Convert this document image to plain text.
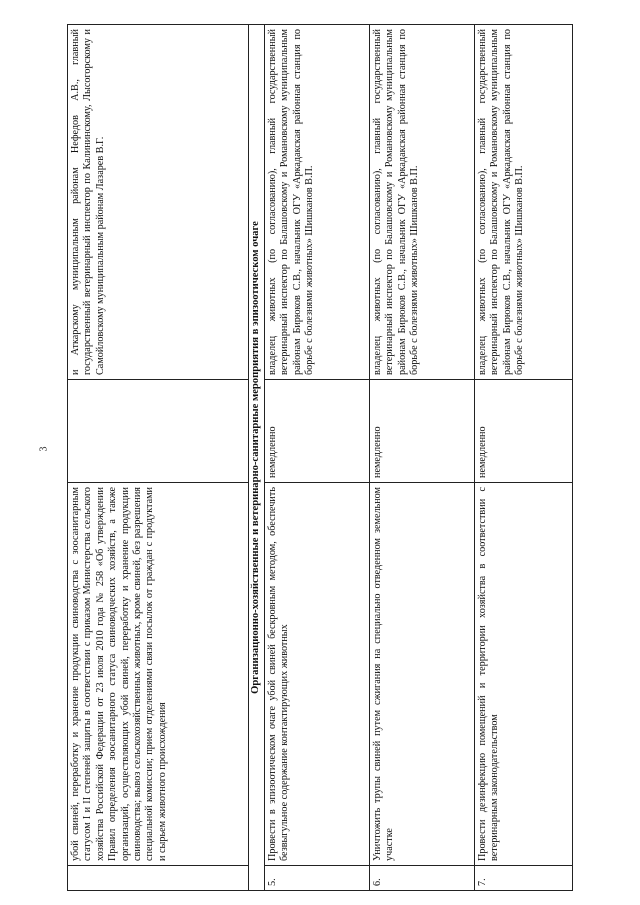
3
	убой свиней, переработку и хранение продукции свиноводства с зоосанитарным статусом I и II степеней защиты в соответствии с приказом Министерства сельского хозяйства Российской Федерации от 23 июля 2010 года № 258 «Об утверждении Правил определения зоосанитарного статуса свиноводческих хозяйств, а также организаций, осуществляющих убой свиней, переработку и хранение продукции свиноводства; вывоз сельскохозяйственных животных, кроме свиней, без разрешения специальной комиссии; прием отделениями связи посылок от граждан с продуктами и сырьем животного происхождения		и Аткарскому муниципальным районам Нефедов А.В., главный государственный ветеринарный инспектор по Калининскому, Лысогорскому и Самойловскому муниципальным районам Лазарев В.Г.
Организационно-хозяйственные и ветеринарно-санитарные мероприятия в эпизоотическом очаге			
5.	Провести в эпизоотическом очаге убой свиней бескровным методом, обеспечить безвыгульное содержание контактирующих животных	немедленно	владелец животных (по согласованию), главный государственный ветеринарный инспектор по Балашовскому и Романовскому муниципальным районам Бирюков С.В., начальник ОГУ «Аркадакская районная станция по борьбе с болезнями животных» Шишканов В.П.
6.	Уничтожить трупы свиней путем сжигания на специально отведенном земельном участке	немедленно	владелец животных (по согласованию), главный государственный ветеринарный инспектор по Балашовскому и Романовскому муниципальным районам Бирюков С.В., начальник ОГУ «Аркадакская районная станция по борьбе с болезнями животных» Шишканов В.П.
7.	Провести дезинфекцию помещений и территории хозяйства в соответствии с ветеринарным законодательством	немедленно	владелец животных (по согласованию), главный государственный ветеринарный инспектор по Балашовскому и Романовскому муниципальным районам Бирюков С.В., начальник ОГУ «Аркадакская районная станция по борьбе с болезнями животных» Шишканов В.П.
